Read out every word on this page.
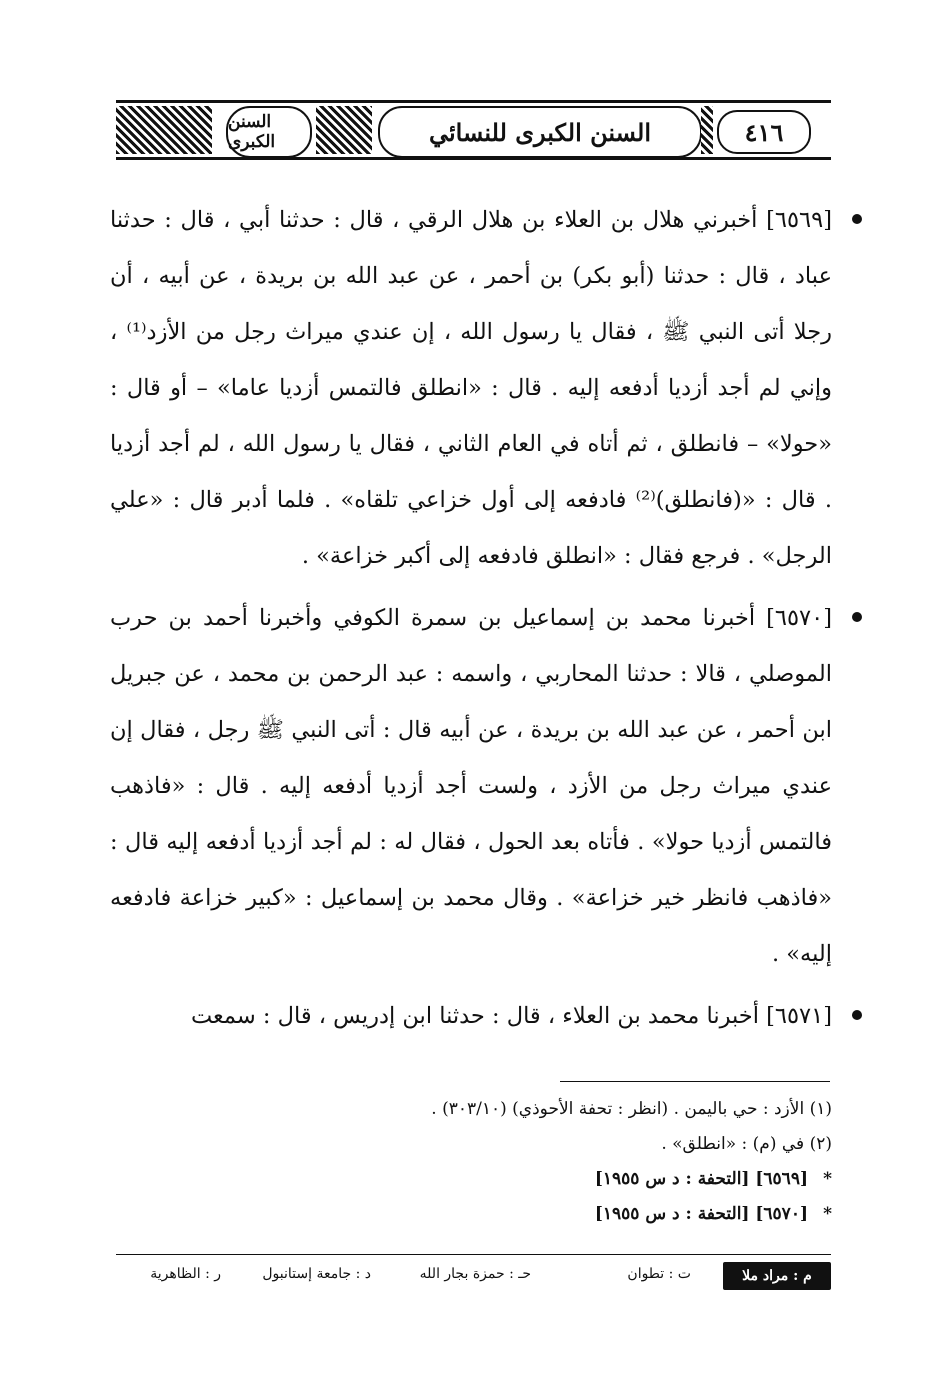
السنن الكبرى	السنن الكبرى للنسائي	٤١٦
[٦٥٦٩] أخبرني هلال بن العلاء بن هلال الرقي ، قال : حدثنا أبي ، قال : حدثنا عباد ، قال : حدثنا (أبو بكر) بن أحمر ، عن عبد الله بن بريدة ، عن أبيه ، أن رجلا أتى النبي ﷺ ، فقال يا رسول الله ، إن عندي ميراث رجل من الأزد⁽¹⁾ ، وإني لم أجد أزديا أدفعه إليه . قال : «انطلق فالتمس أزديا عاما» – أو قال : «حولا» – فانطلق ، ثم أتاه في العام الثاني ، فقال يا رسول الله ، لم أجد أزديا . قال : «(فانطلق)⁽²⁾ فادفعه إلى أول خزاعي تلقاه» . فلما أدبر قال : «علي الرجل» . فرجع فقال : «انطلق فادفعه إلى أكبر خزاعة» .
[٦٥٧٠] أخبرنا محمد بن إسماعيل بن سمرة الكوفي وأخبرنا أحمد بن حرب الموصلي ، قالا : حدثنا المحاربي ، واسمه : عبد الرحمن بن محمد ، عن جبريل ابن أحمر ، عن عبد الله بن بريدة ، عن أبيه قال : أتى النبي ﷺ رجل ، فقال إن عندي ميراث رجل من الأزد ، ولست أجد أزديا أدفعه إليه . قال : «فاذهب فالتمس أزديا حولا» . فأتاه بعد الحول ، فقال له : لم أجد أزديا أدفعه إليه قال : «فاذهب فانظر خير خزاعة» . وقال محمد بن إسماعيل : «كبير خزاعة فادفعه إليه» .
[٦٥٧١] أخبرنا محمد بن العلاء ، قال : حدثنا ابن إدريس ، قال : سمعت
(١) الأزد : حي باليمن . (انظر : تحفة الأحوذي) (٣٠٣/١٠) .
(٢) في (م) : «انطلق» .
*
[٦٥٦٩] [التحفة : د س ١٩٥٥]
*
[٦٥٧٠] [التحفة : د س ١٩٥٥]
م : مراد ملا
ت : تطوان
حـ : حمزة بجار الله
د : جامعة إستانبول
ر : الظاهرية
